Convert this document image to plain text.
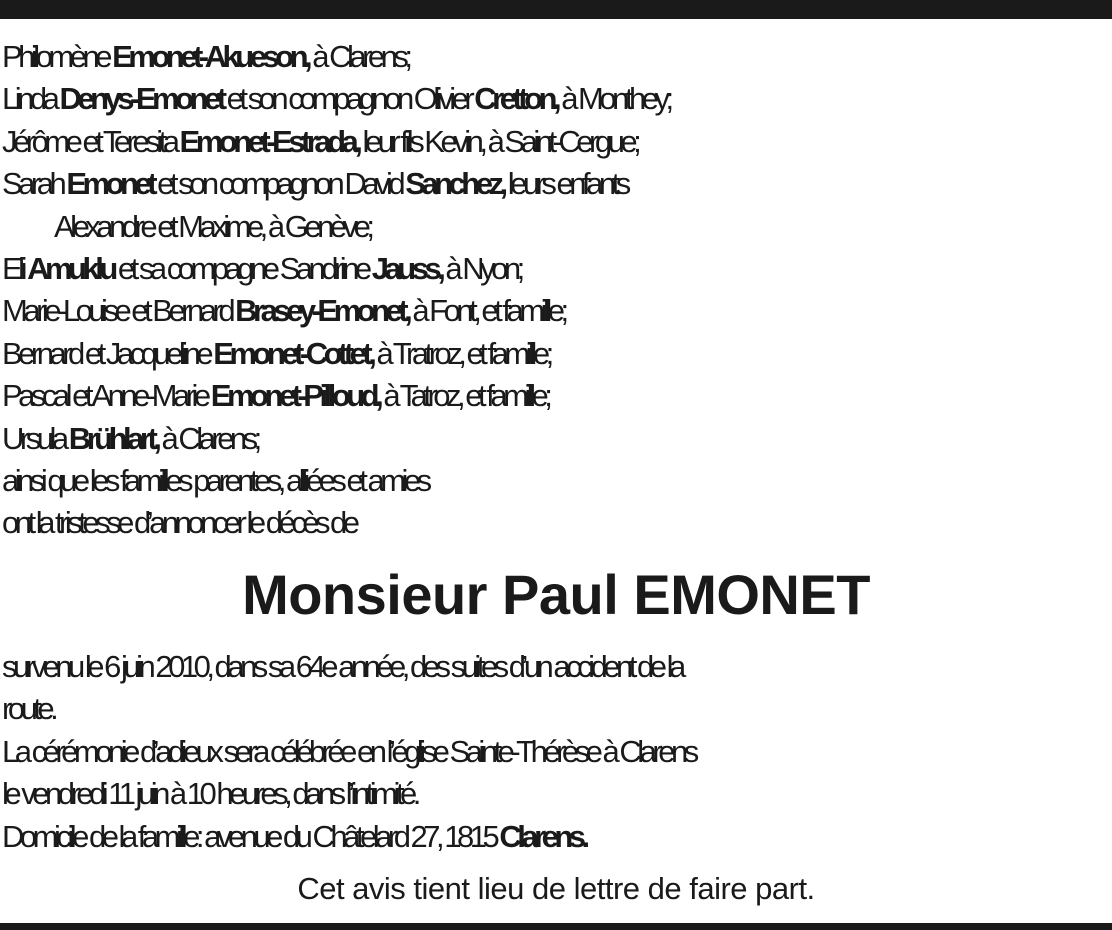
Philomène Emonet-Akueson, à Clarens;
Linda Denys-Emonet et son compagnon Olivier Cretton, à Monthey;
Jérôme et Teresita Emonet-Estrada, leur fils Kevin, à Saint-Cergue;
Sarah Emonet et son compagnon David Sanchez, leurs enfants
Alexandre et Maxime, à Genève;
Eli Amuklu et sa compagne Sandrine Jauss, à Nyon;
Marie-Louise et Bernard Brasey-Emonet, à Font, et famille;
Bernard et Jacqueline Emonet-Cottet, à Tratroz, et famille;
Pascal et Anne-Marie Emonet-Pilloud, à Tatroz, et famille;
Ursula Brühlart, à Clarens;
ainsi que les familles parentes, alliées et amies
ont la tristesse d’annoncer le décès de
Monsieur Paul EMONET
survenu le 6 juin 2010, dans sa 64e année, des suites d’un accident de la
route.
La cérémonie d’adieux sera célébrée en l’église Sainte-Thérèse à Clarens
le vendredi 11 juin à 10 heures, dans l’intimité.
Domicile de la famille: avenue du Châtelard 27, 1815 Clarens.
Cet avis tient lieu de lettre de faire part.
